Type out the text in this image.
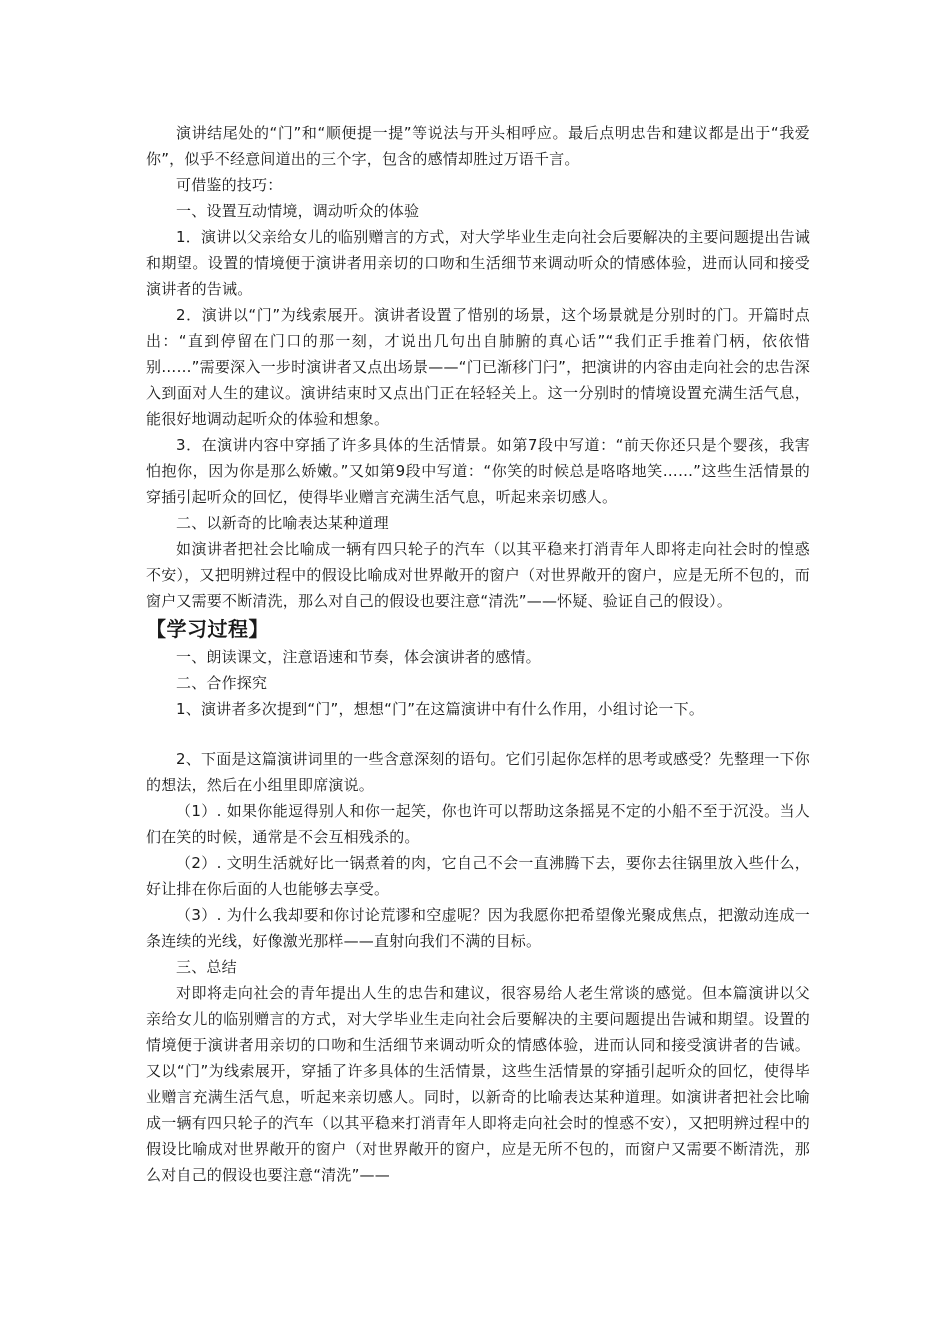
演讲结尾处的“门”和“顺便提一提”等说法与开头相呼应。最后点明忠告和建议都是出于“我爱你”，似乎不经意间道出的三个字，包含的感情却胜过万语千言。

可借鉴的技巧：

一、设置互动情境，调动听众的体验

1．演讲以父亲给女儿的临别赠言的方式，对大学毕业生走向社会后要解决的主要问题提出告诫和期望。设置的情境便于演讲者用亲切的口吻和生活细节来调动听众的情感体验，进而认同和接受演讲者的告诫。

2．演讲以“门”为线索展开。演讲者设置了惜别的场景，这个场景就是分别时的门。开篇时点出：“直到停留在门口的那一刻，才说出几句出自肺腑的真心话”“我们正手推着门柄，依依惜别……”需要深入一步时演讲者又点出场景——“门已渐移门闩”，把演讲的内容由走向社会的忠告深入到面对人生的建议。演讲结束时又点出门正在轻轻关上。这一分别时的情境设置充满生活气息，能很好地调动起听众的体验和想象。

3．在演讲内容中穿插了许多具体的生活情景。如第7段中写道：“前天你还只是个婴孩，我害怕抱你，因为你是那么娇嫩。”又如第9段中写道：“你笑的时候总是咯咯地笑……”这些生活情景的穿插引起听众的回忆，使得毕业赠言充满生活气息，听起来亲切感人。

二、以新奇的比喻表达某种道理

如演讲者把社会比喻成一辆有四只轮子的汽车（以其平稳来打消青年人即将走向社会时的惶惑不安），又把明辨过程中的假设比喻成对世界敞开的窗户（对世界敞开的窗户，应是无所不包的，而窗户又需要不断清洗，那么对自己的假设也要注意“清洗”——怀疑、验证自己的假设）。

【学习过程】

一、朗读课文，注意语速和节奏，体会演讲者的感情。

二、合作探究

1、演讲者多次提到“门”，想想“门”在这篇演讲中有什么作用，小组讨论一下。

2、下面是这篇演讲词里的一些含意深刻的语句。它们引起你怎样的思考或感受？先整理一下你的想法，然后在小组里即席演说。

（1）. 如果你能逗得别人和你一起笑，你也许可以帮助这条摇晃不定的小船不至于沉没。当人们在笑的时候，通常是不会互相残杀的。

（2）. 文明生活就好比一锅煮着的肉，它自己不会一直沸腾下去，要你去往锅里放入些什么，好让排在你后面的人也能够去享受。

（3）. 为什么我却要和你讨论荒谬和空虚呢？因为我愿你把希望像光聚成焦点，把激动连成一条连续的光线，好像激光那样——直射向我们不满的目标。

三、总结

对即将走向社会的青年提出人生的忠告和建议，很容易给人老生常谈的感觉。但本篇演讲以父亲给女儿的临别赠言的方式，对大学毕业生走向社会后要解决的主要问题提出告诫和期望。设置的情境便于演讲者用亲切的口吻和生活细节来调动听众的情感体验，进而认同和接受演讲者的告诫。又以“门”为线索展开，穿插了许多具体的生活情景，这些生活情景的穿插引起听众的回忆，使得毕业赠言充满生活气息，听起来亲切感人。同时，以新奇的比喻表达某种道理。如演讲者把社会比喻成一辆有四只轮子的汽车（以其平稳来打消青年人即将走向社会时的惶惑不安），又把明辨过程中的假设比喻成对世界敞开的窗户（对世界敞开的窗户，应是无所不包的，而窗户又需要不断清洗，那么对自己的假设也要注意“清洗”——
